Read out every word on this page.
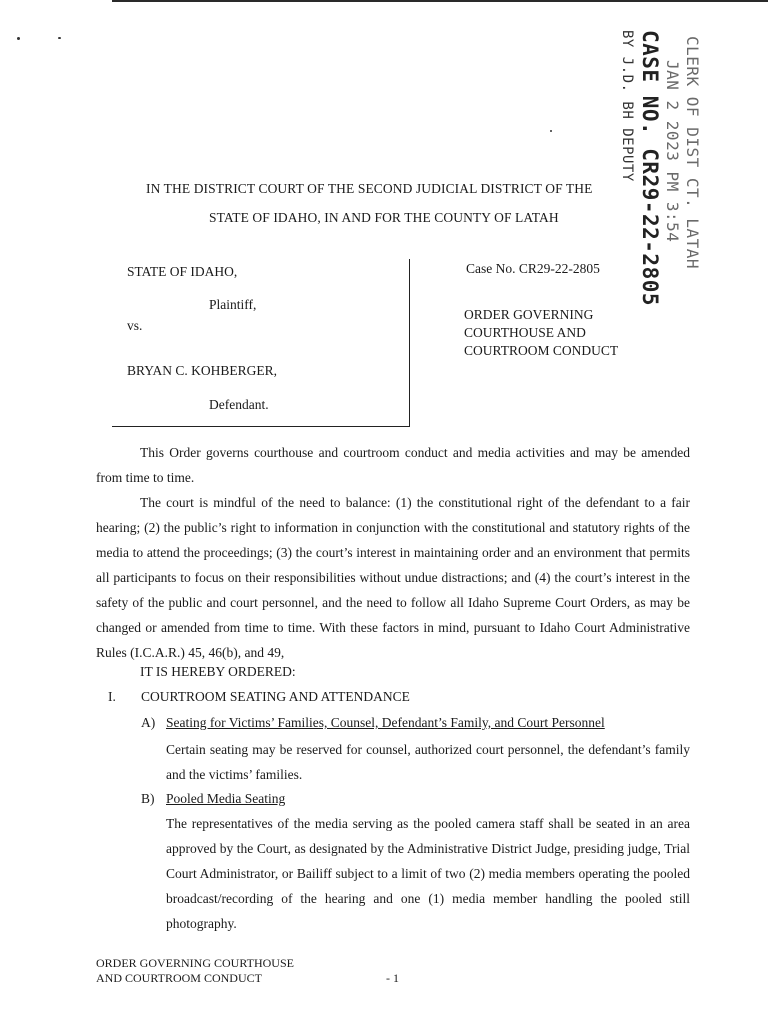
CLERK OF DIST CT. LATAH
JAN 2 2023 PM 3:54
CASE NO. CR29-22-2805
BY J.D. BH DEPUTY
IN THE DISTRICT COURT OF THE SECOND JUDICIAL DISTRICT OF THE
STATE OF IDAHO, IN AND FOR THE COUNTY OF LATAH
STATE OF IDAHO,
Plaintiff,
vs.
BRYAN C. KOHBERGER,
Defendant.
Case No. CR29-22-2805
ORDER GOVERNING
COURTHOUSE AND
COURTROOM CONDUCT
This Order governs courthouse and courtroom conduct and media activities and may be amended from time to time.
The court is mindful of the need to balance: (1) the constitutional right of the defendant to a fair hearing; (2) the public’s right to information in conjunction with the constitutional and statutory rights of the media to attend the proceedings; (3) the court’s interest in maintaining order and an environment that permits all participants to focus on their responsibilities without undue distractions; and (4) the court’s interest in the safety of the public and court personnel, and the need to follow all Idaho Supreme Court Orders, as may be changed or amended from time to time. With these factors in mind, pursuant to Idaho Court Administrative Rules (I.C.A.R.) 45, 46(b), and 49,
IT IS HEREBY ORDERED:
I. COURTROOM SEATING AND ATTENDANCE
A) Seating for Victims’ Families, Counsel, Defendant’s Family, and Court Personnel
Certain seating may be reserved for counsel, authorized court personnel, the defendant’s family and the victims’ families.
B) Pooled Media Seating
The representatives of the media serving as the pooled camera staff shall be seated in an area approved by the Court, as designated by the Administrative District Judge, presiding judge, Trial Court Administrator, or Bailiff subject to a limit of two (2) media members operating the pooled broadcast/recording of the hearing and one (1) media member handling the pooled still photography.
ORDER GOVERNING COURTHOUSE
AND COURTROOM CONDUCT	- 1
